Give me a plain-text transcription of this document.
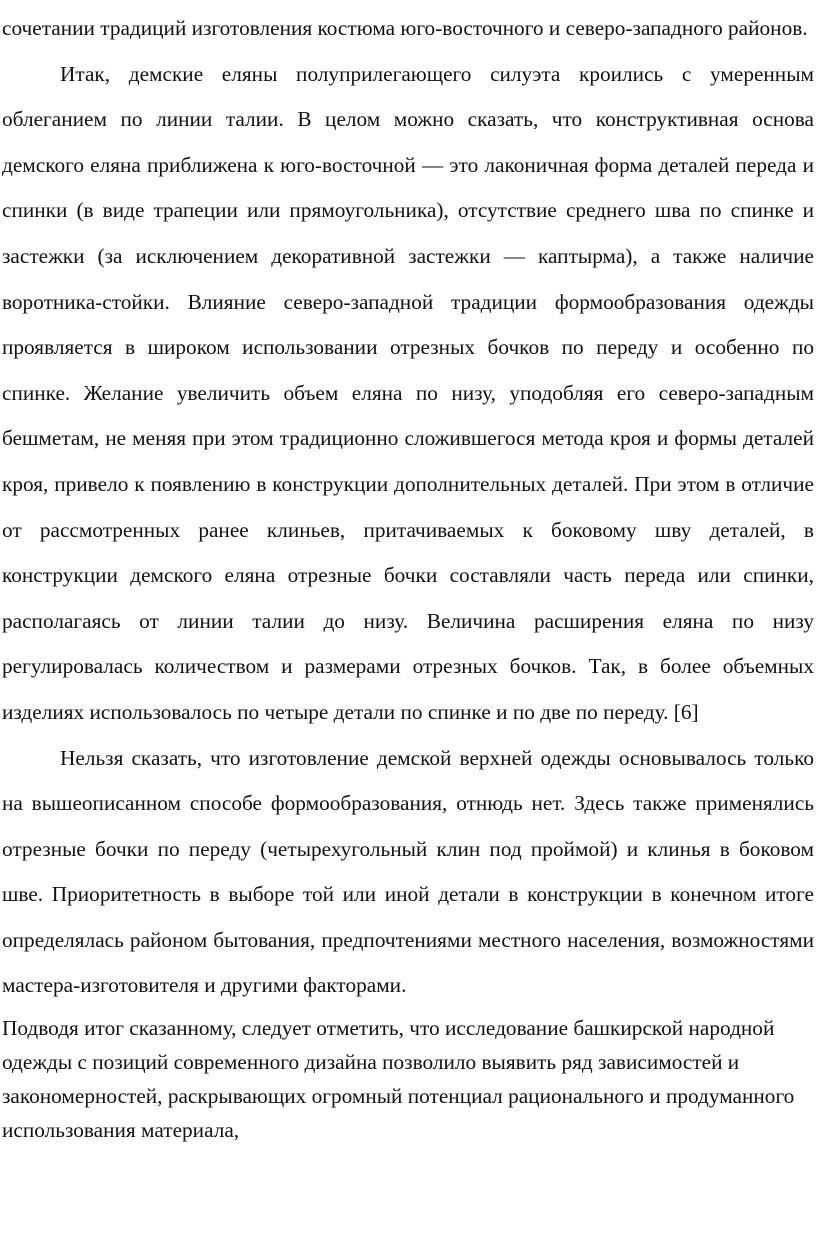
сочетании традиций изготовления костюма юго-восточного и северо-западного районов.

Итак, демские еляны полуприлегающего силуэта кроились с умеренным облеганием по линии талии. В целом можно сказать, что конструктивная основа демского еляна приближена к юго-восточной — это лаконичная форма деталей переда и спинки (в виде трапеции или прямоугольника), отсутствие среднего шва по спинке и застежки (за исключением декоративной застежки — каптырма), а также наличие воротника-стойки. Влияние северо-западной традиции формообразования одежды проявляется в широком использовании отрезных бочков по переду и особенно по спинке. Желание увеличить объем еляна по низу, уподобляя его северо-западным бешметам, не меняя при этом традиционно сложившегося метода кроя и формы деталей кроя, привело к появлению в конструкции дополнительных деталей. При этом в отличие от рассмотренных ранее клиньев, притачиваемых к боковому шву деталей, в конструкции демского еляна отрезные бочки составляли часть переда или спинки, располагаясь от линии талии до низу. Величина расширения еляна по низу регулировалась количеством и размерами отрезных бочков. Так, в более объемных изделиях использовалось по четыре детали по спинке и по две по переду. [6]

Нельзя сказать, что изготовление демской верхней одежды основывалось только на вышеописанном способе формообразования, отнюдь нет. Здесь также применялись отрезные бочки по переду (четырехугольный клин под проймой) и клинья в боковом шве. Приоритетность в выборе той или иной детали в конструкции в конечном итоге определялась районом бытования, предпочтениями местного населения, возможностями мастера-изготовителя и другими факторами.

Подводя итог сказанному, следует отметить, что исследование башкирской народной одежды с позиций современного дизайна позволило выявить ряд зависимостей и закономерностей, раскрывающих огромный потенциал рационального и продуманного использования материала,
